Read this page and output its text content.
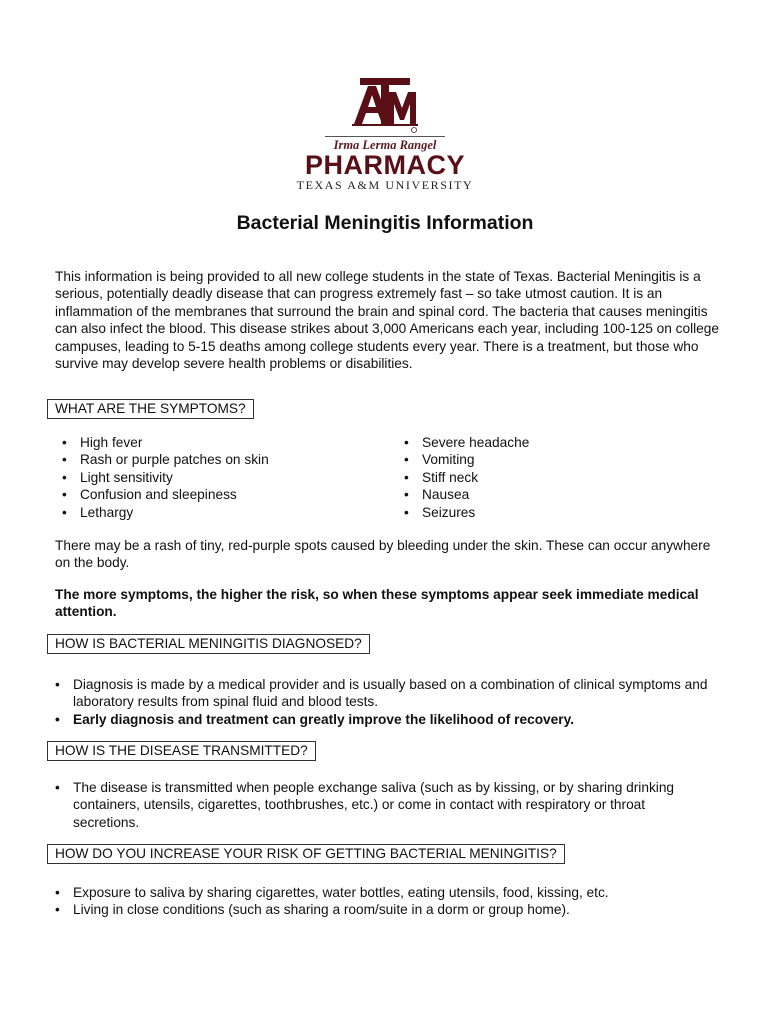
Irma Lerma Rangel
PHARMACY
TEXAS A&M UNIVERSITY
Bacterial Meningitis Information

This information is being provided to all new college students in the state of Texas. Bacterial Meningitis is a serious, potentially deadly disease that can progress extremely fast – so take utmost caution. It is an inflammation of the membranes that surround the brain and spinal cord. The bacteria that causes meningitis can also infect the blood. This disease strikes about 3,000 Americans each year, including 100-125 on college campuses, leading to 5-15 deaths among college students every year. There is a treatment, but those who survive may develop severe health problems or disabilities.

WHAT ARE THE SYMPTOMS?
• High fever
• Rash or purple patches on skin
• Light sensitivity
• Confusion and sleepiness
• Lethargy
• Severe headache
• Vomiting
• Stiff neck
• Nausea
• Seizures

There may be a rash of tiny, red-purple spots caused by bleeding under the skin. These can occur anywhere on the body.

The more symptoms, the higher the risk, so when these symptoms appear seek immediate medical attention.

HOW IS BACTERIAL MENINGITIS DIAGNOSED?
• Diagnosis is made by a medical provider and is usually based on a combination of clinical symptoms and laboratory results from spinal fluid and blood tests.
• Early diagnosis and treatment can greatly improve the likelihood of recovery.
HOW IS THE DISEASE TRANSMITTED?
• The disease is transmitted when people exchange saliva (such as by kissing, or by sharing drinking containers, utensils, cigarettes, toothbrushes, etc.) or come in contact with respiratory or throat secretions.
HOW DO YOU INCREASE YOUR RISK OF GETTING BACTERIAL MENINGITIS?
• Exposure to saliva by sharing cigarettes, water bottles, eating utensils, food, kissing, etc.
• Living in close conditions (such as sharing a room/suite in a dorm or group home).
